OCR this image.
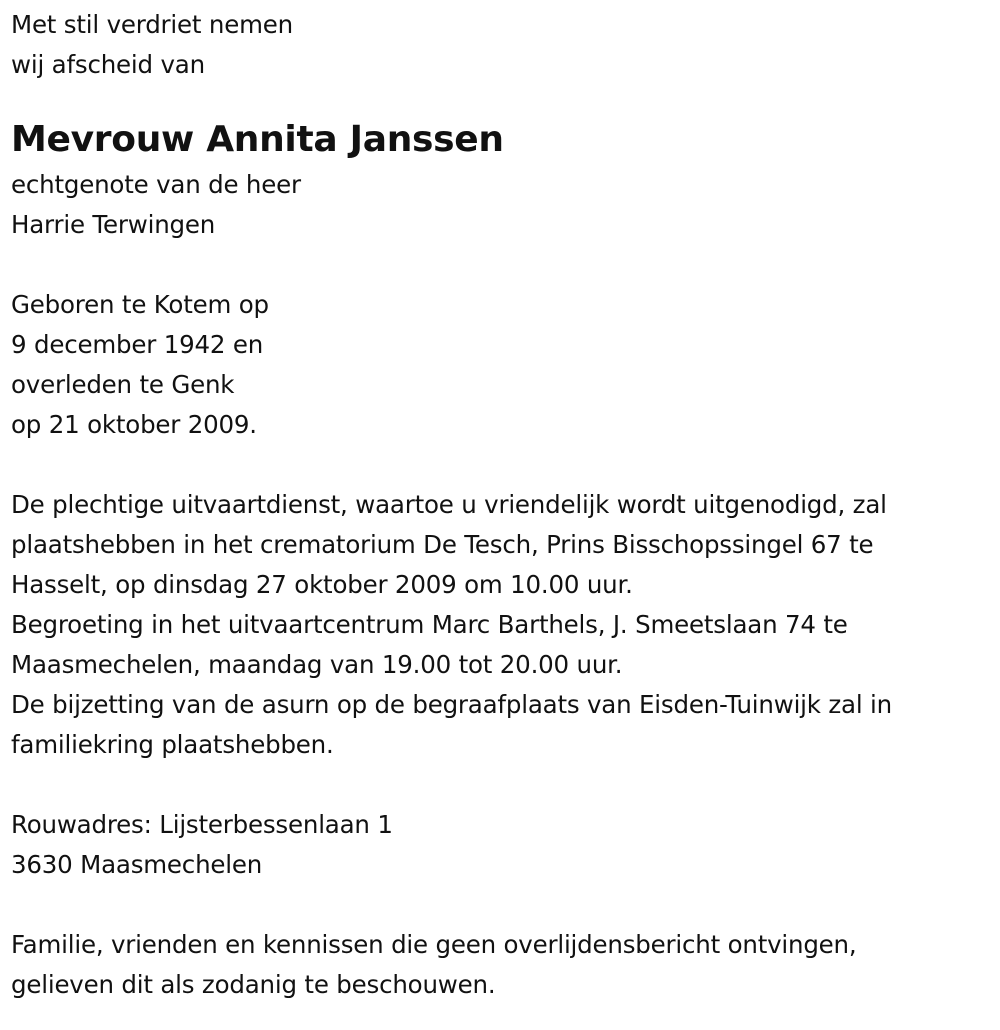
Met stil verdriet nemen
wij afscheid van
Mevrouw Annita Janssen
echtgenote van de heer
Harrie Terwingen
Geboren te Kotem op
9 december 1942 en
overleden te Genk
op 21 oktober 2009.
De plechtige uitvaartdienst, waartoe u vriendelijk wordt uitgenodigd, zal
plaatshebben in het crematorium De Tesch, Prins Bisschopssingel 67 te
Hasselt, op dinsdag 27 oktober 2009 om 10.00 uur.
Begroeting in het uitvaartcentrum Marc Barthels, J. Smeetslaan 74 te
Maasmechelen, maandag van 19.00 tot 20.00 uur.
De bijzetting van de asurn op de begraafplaats van Eisden-Tuinwijk zal in
familiekring plaatshebben.
Rouwadres: Lijsterbessenlaan 1
3630 Maasmechelen
Familie, vrienden en kennissen die geen overlijdensbericht ontvingen,
gelieven dit als zodanig te beschouwen.
